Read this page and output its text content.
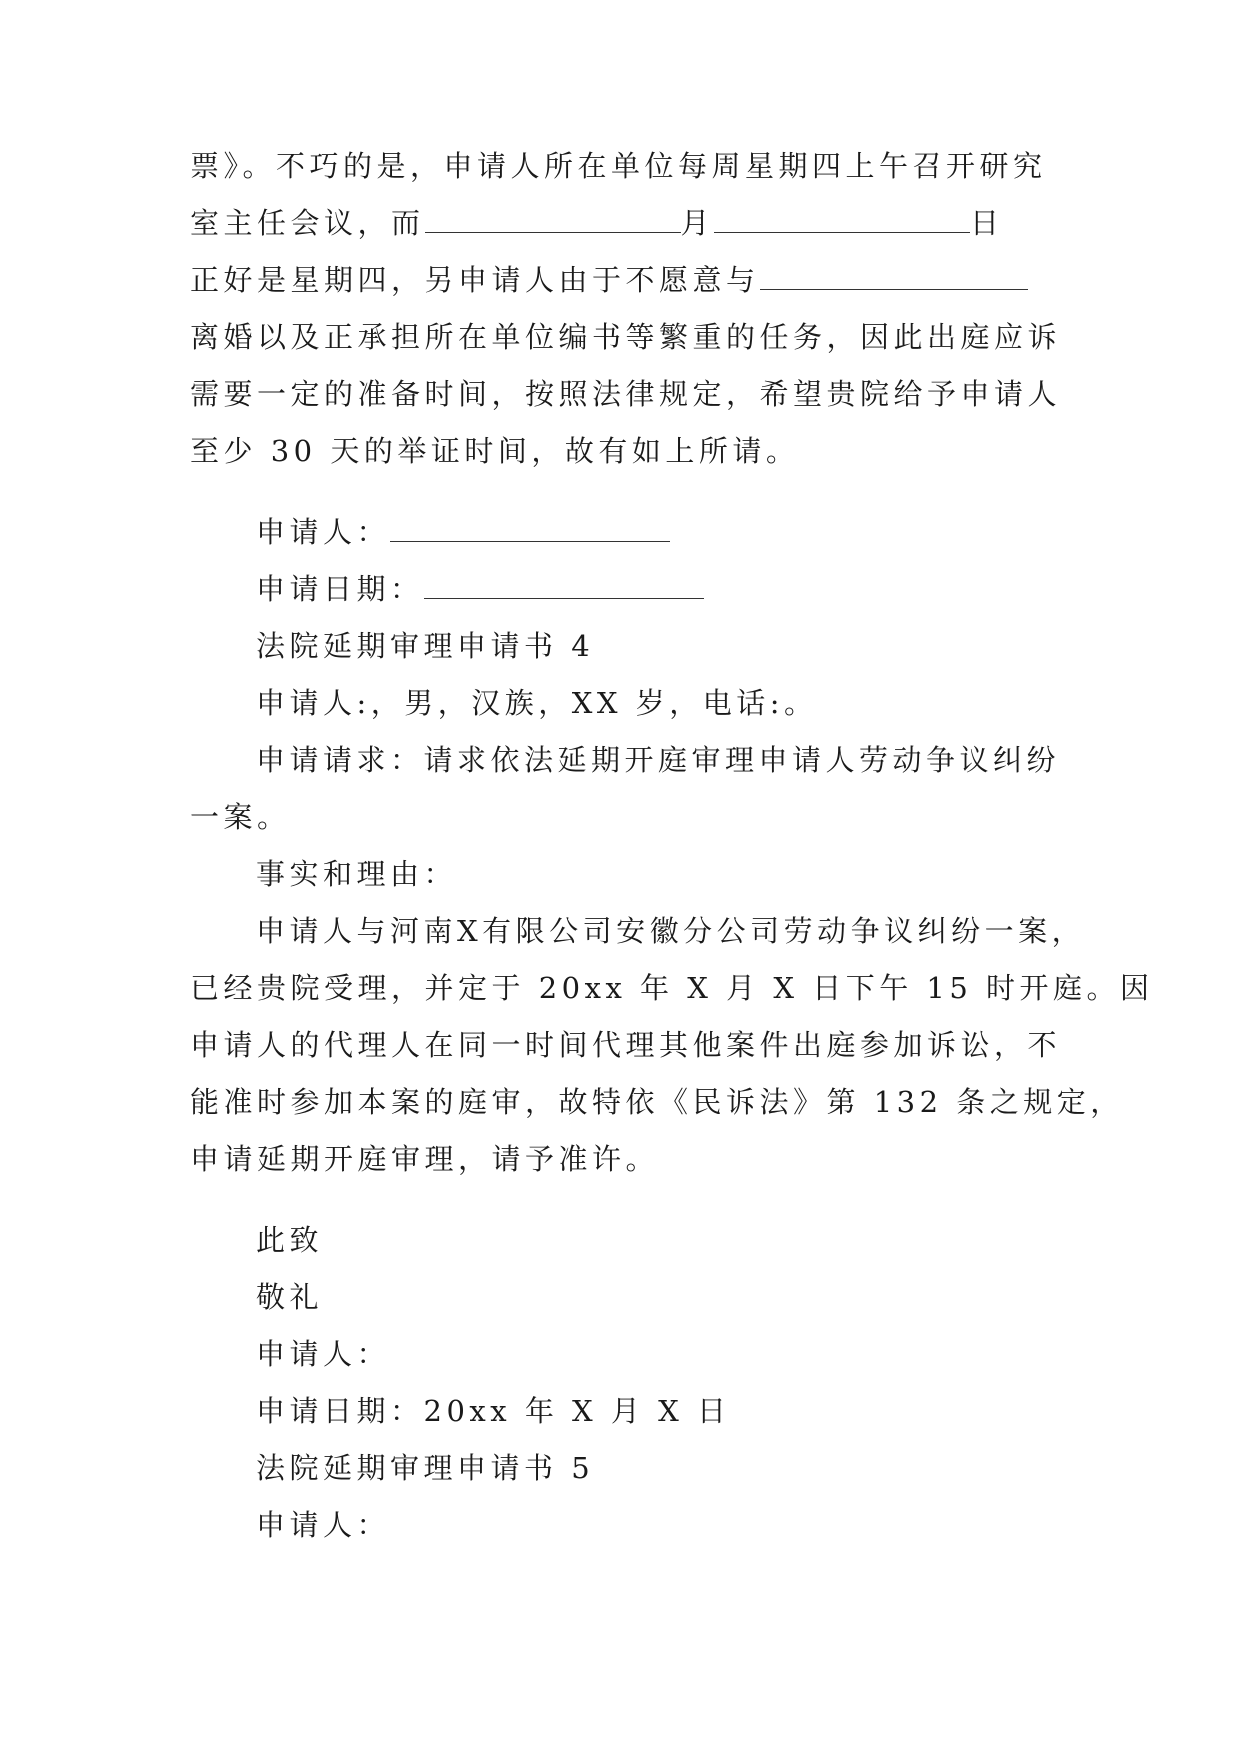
票》。不巧的是，申请人所在单位每周星期四上午召开研究
室主任会议，而	月	日
正好是星期四，另申请人由于不愿意与
离婚以及正承担所在单位编书等繁重的任务，因此出庭应诉
需要一定的准备时间，按照法律规定，希望贵院给予申请人
至少 30 天的举证时间，故有如上所请。
申请人：
申请日期：
法院延期审理申请书 4
申请人:，男，汉族，XX 岁，电话:。
申请请求：请求依法延期开庭审理申请人劳动争议纠纷
一案。
事实和理由：
申请人与河南X有限公司安徽分公司劳动争议纠纷一案，
已经贵院受理，并定于 20xx 年 X 月 X 日下午 15 时开庭。因
申请人的代理人在同一时间代理其他案件出庭参加诉讼，不
能准时参加本案的庭审，故特依《民诉法》第 132 条之规定，
申请延期开庭审理，请予准许。
此致
敬礼
申请人：
申请日期：20xx 年 X 月 X 日
法院延期审理申请书 5
申请人：
